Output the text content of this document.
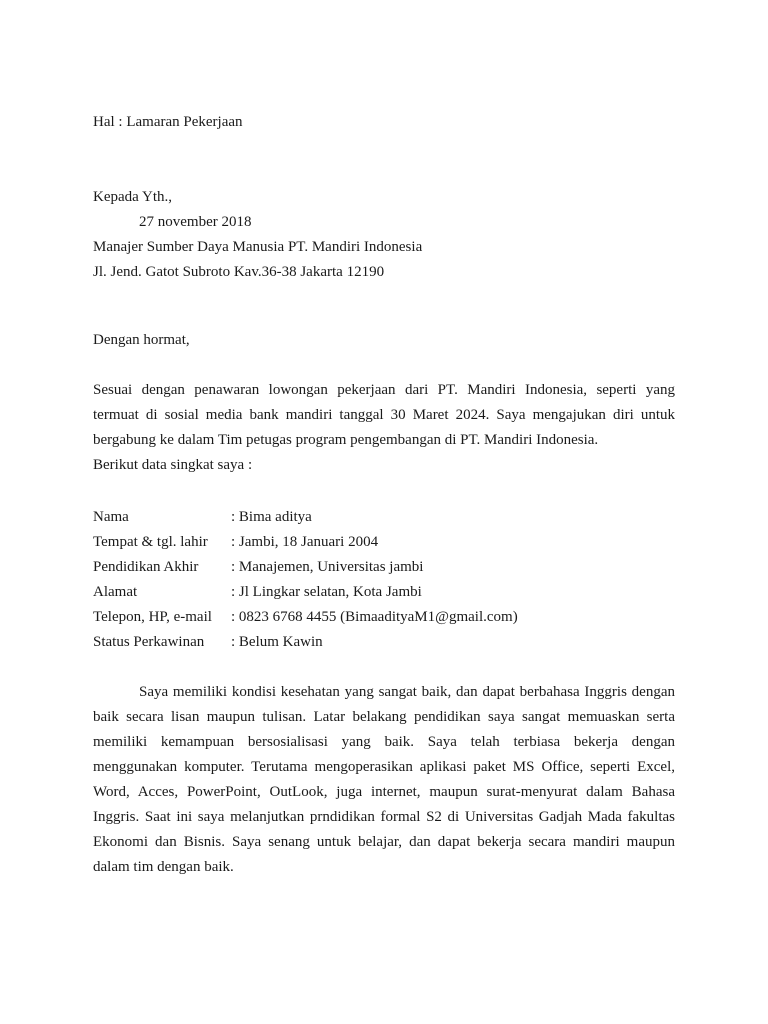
Hal : Lamaran Pekerjaan
Kepada Yth.,
27 november 2018
Manajer Sumber Daya Manusia PT. Mandiri Indonesia
Jl. Jend. Gatot Subroto Kav.36-38 Jakarta 12190
Dengan hormat,
Sesuai dengan penawaran lowongan pekerjaan dari PT. Mandiri Indonesia, seperti yang
termuat di sosial media bank mandiri tanggal 30 Maret 2024. Saya mengajukan diri untuk
bergabung ke dalam Tim petugas program pengembangan di PT. Mandiri Indonesia.
Berikut data singkat saya :
Nama	: Bima aditya
Tempat & tgl. lahir : Jambi, 18 Januari 2004
Pendidikan Akhir : Manajemen, Universitas jambi
Alamat	: Jl Lingkar selatan, Kota Jambi
Telepon, HP, e-mail : 0823 6768 4455 (BimaadityaM1@gmail.com)
Status Perkawinan : Belum Kawin
Saya memiliki kondisi kesehatan yang sangat baik, dan dapat berbahasa Inggris dengan
baik secara lisan maupun tulisan. Latar belakang pendidikan saya sangat memuaskan serta
memiliki kemampuan bersosialisasi yang baik. Saya telah terbiasa bekerja dengan
menggunakan komputer. Terutama mengoperasikan aplikasi paket MS Office, seperti Excel,
Word, Acces, PowerPoint, OutLook, juga internet, maupun surat-menyurat dalam Bahasa
Inggris. Saat ini saya melanjutkan prndidikan formal S2 di Universitas Gadjah Mada fakultas
Ekonomi dan Bisnis. Saya senang untuk belajar, dan dapat bekerja secara mandiri maupun
dalam tim dengan baik.
